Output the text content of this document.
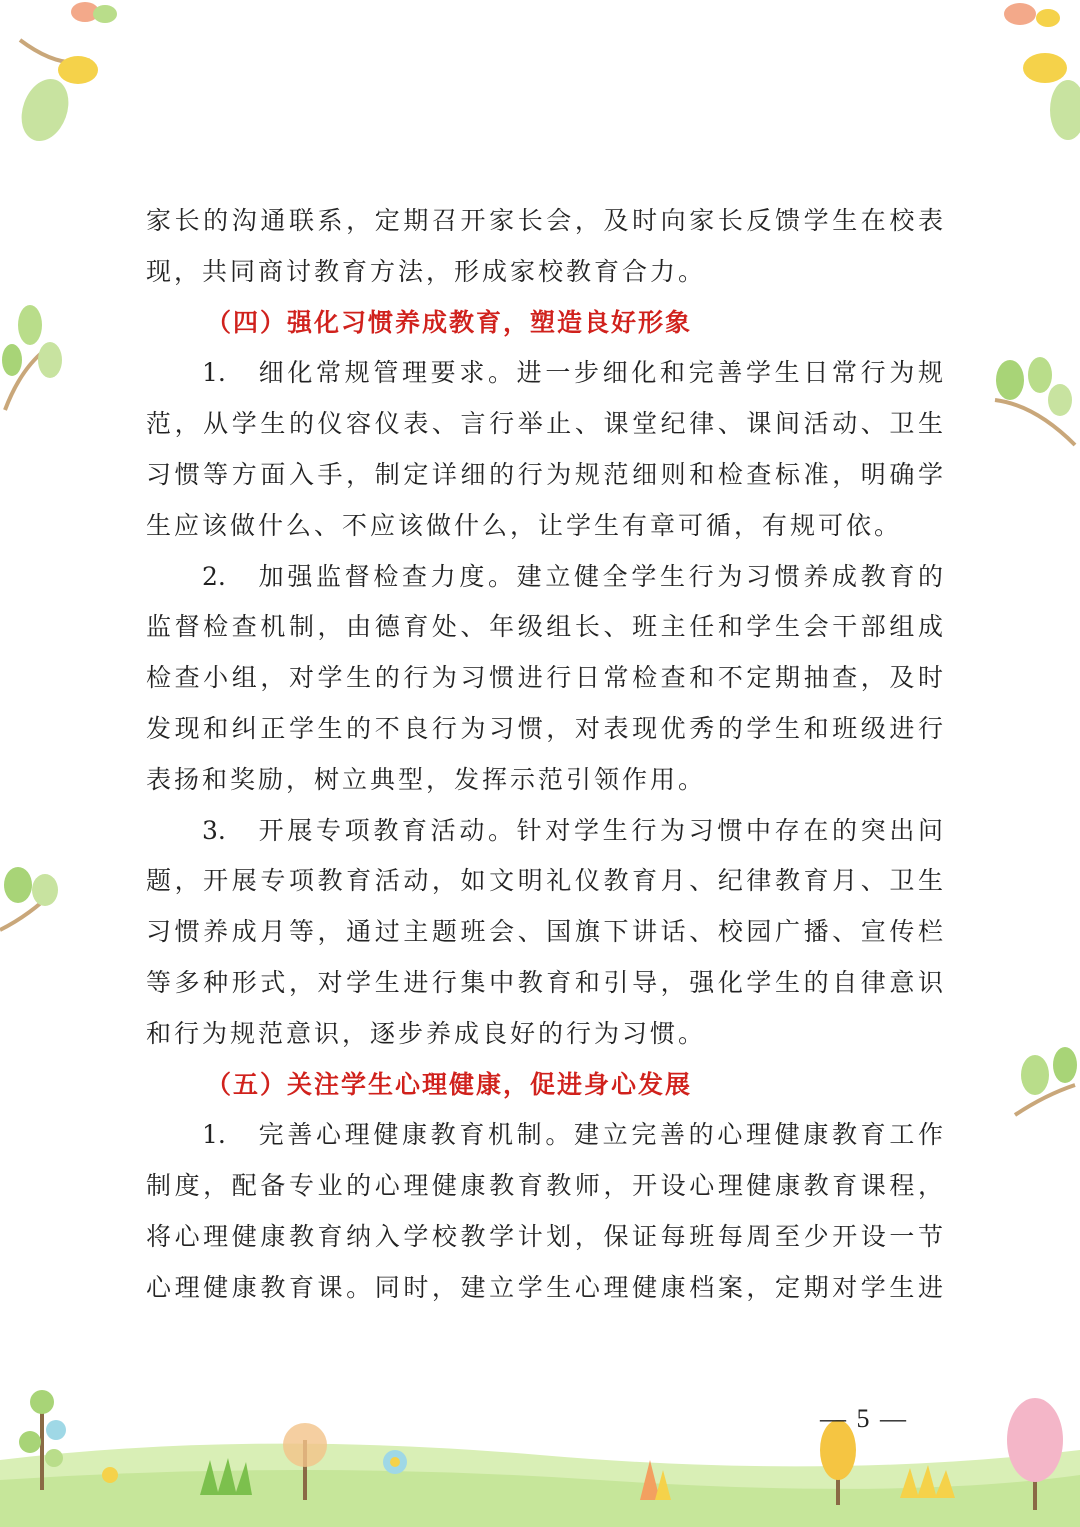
家长的沟通联系，定期召开家长会，及时向家长反馈学生在校表
现，共同商讨教育方法，形成家校教育合力。
（四）强化习惯养成教育，塑造良好形象
1. 细化常规管理要求。进一步细化和完善学生日常行为规
范，从学生的仪容仪表、言行举止、课堂纪律、课间活动、卫生
习惯等方面入手，制定详细的行为规范细则和检查标准，明确学
生应该做什么、不应该做什么，让学生有章可循，有规可依。
2. 加强监督检查力度。建立健全学生行为习惯养成教育的
监督检查机制，由德育处、年级组长、班主任和学生会干部组成
检查小组，对学生的行为习惯进行日常检查和不定期抽查，及时
发现和纠正学生的不良行为习惯，对表现优秀的学生和班级进行
表扬和奖励，树立典型，发挥示范引领作用。
3. 开展专项教育活动。针对学生行为习惯中存在的突出问
题，开展专项教育活动，如文明礼仪教育月、纪律教育月、卫生
习惯养成月等，通过主题班会、国旗下讲话、校园广播、宣传栏
等多种形式，对学生进行集中教育和引导，强化学生的自律意识
和行为规范意识，逐步养成良好的行为习惯。
（五）关注学生心理健康，促进身心发展
1. 完善心理健康教育机制。建立完善的心理健康教育工作
制度，配备专业的心理健康教育教师，开设心理健康教育课程，
将心理健康教育纳入学校教学计划，保证每班每周至少开设一节
心理健康教育课。同时，建立学生心理健康档案，定期对学生进
— 5 —
